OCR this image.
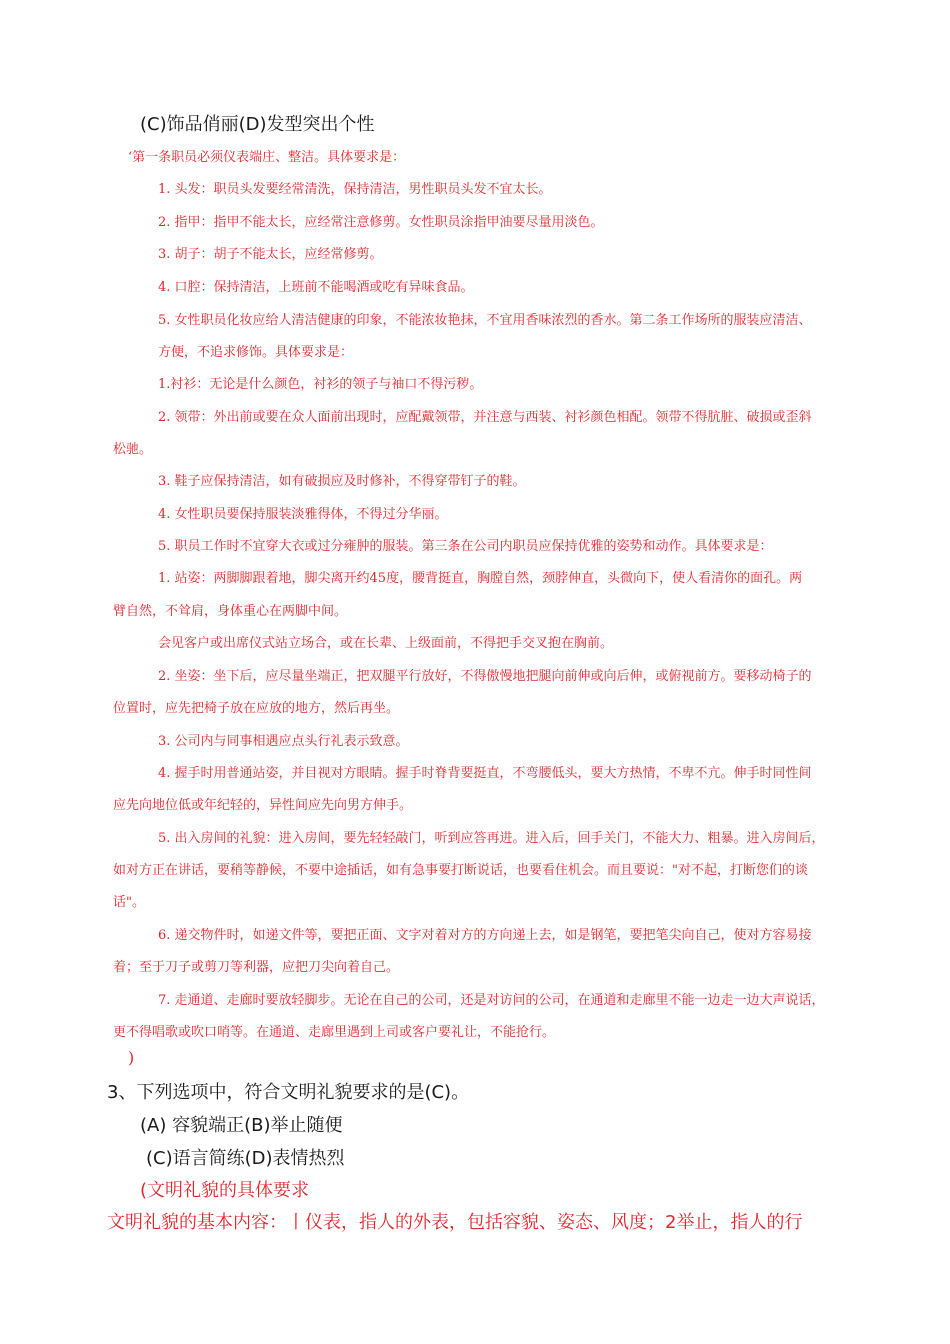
(C)饰品俏丽(D)发型突出个性

‘第一条职员必须仪表端庄、整洁。具体要求是：

1. 头发：职员头发要经常清洗，保持清洁，男性职员头发不宜太长。

2. 指甲：指甲不能太长，应经常注意修剪。女性职员涂指甲油要尽量用淡色。

3. 胡子：胡子不能太长，应经常修剪。

4. 口腔：保持清洁，上班前不能喝酒或吃有异味食品。

5. 女性职员化妆应给人清洁健康的印象，不能浓妆艳抹，不宜用香味浓烈的香水。第二条工作场所的服装应清洁、

方便，不追求修饰。具体要求是：

1.衬衫：无论是什么颜色，衬衫的领子与袖口不得污秽。

2. 领带：外出前或要在众人面前出现时，应配戴领带，并注意与西装、衬衫颜色相配。领带不得肮脏、破损或歪斜

松驰。

3. 鞋子应保持清洁，如有破损应及时修补，不得穿带钉子的鞋。

4. 女性职员要保持服装淡雅得体，不得过分华丽。

5. 职员工作时不宜穿大衣或过分雍肿的服装。第三条在公司内职员应保持优雅的姿势和动作。具体要求是：

1. 站姿：两脚脚跟着地，脚尖离开约45度，腰背挺直，胸膛自然，颈脖伸直，头微向下，使人看清你的面孔。两

臂自然，不耸肩，身体重心在两脚中间。

会见客户或出席仪式站立场合，或在长辈、上级面前，不得把手交叉抱在胸前。

2. 坐姿：坐下后，应尽量坐端正，把双腿平行放好，不得傲慢地把腿向前伸或向后伸，或俯视前方。要移动椅子的

位置时，应先把椅子放在应放的地方，然后再坐。

3. 公司内与同事相遇应点头行礼表示致意。

4. 握手时用普通站姿，并目视对方眼睛。握手时脊背要挺直，不弯腰低头，要大方热情，不卑不亢。伸手时同性间

应先向地位低或年纪轻的，异性间应先向男方伸手。

5. 出入房间的礼貌：进入房间，要先轻轻敲门，听到应答再进。进入后，回手关门，不能大力、粗暴。进入房间后，

如对方正在讲话，要稍等静候，不要中途插话，如有急事要打断说话，也要看住机会。而且要说："对不起，打断您们的谈

话"。

6. 递交物件时，如递文件等，要把正面、文字对着对方的方向递上去，如是钢笔，要把笔尖向自己，使对方容易接

着；至于刀子或剪刀等利器，应把刀尖向着自己。

7. 走通道、走廊时要放轻脚步。无论在自己的公司，还是对访问的公司，在通道和走廊里不能一边走一边大声说话，

更不得唱歌或吹口哨等。在通道、走廊里遇到上司或客户要礼让，不能抢行。

)

3、下列选项中，符合文明礼貌要求的是(C)。

(A) 容貌端正(B)举止随便

(C)语言简练(D)表情热烈

(文明礼貌的具体要求

文明礼貌的基本内容：丨仪表，指人的外表，包括容貌、姿态、风度；2举止，指人的行
